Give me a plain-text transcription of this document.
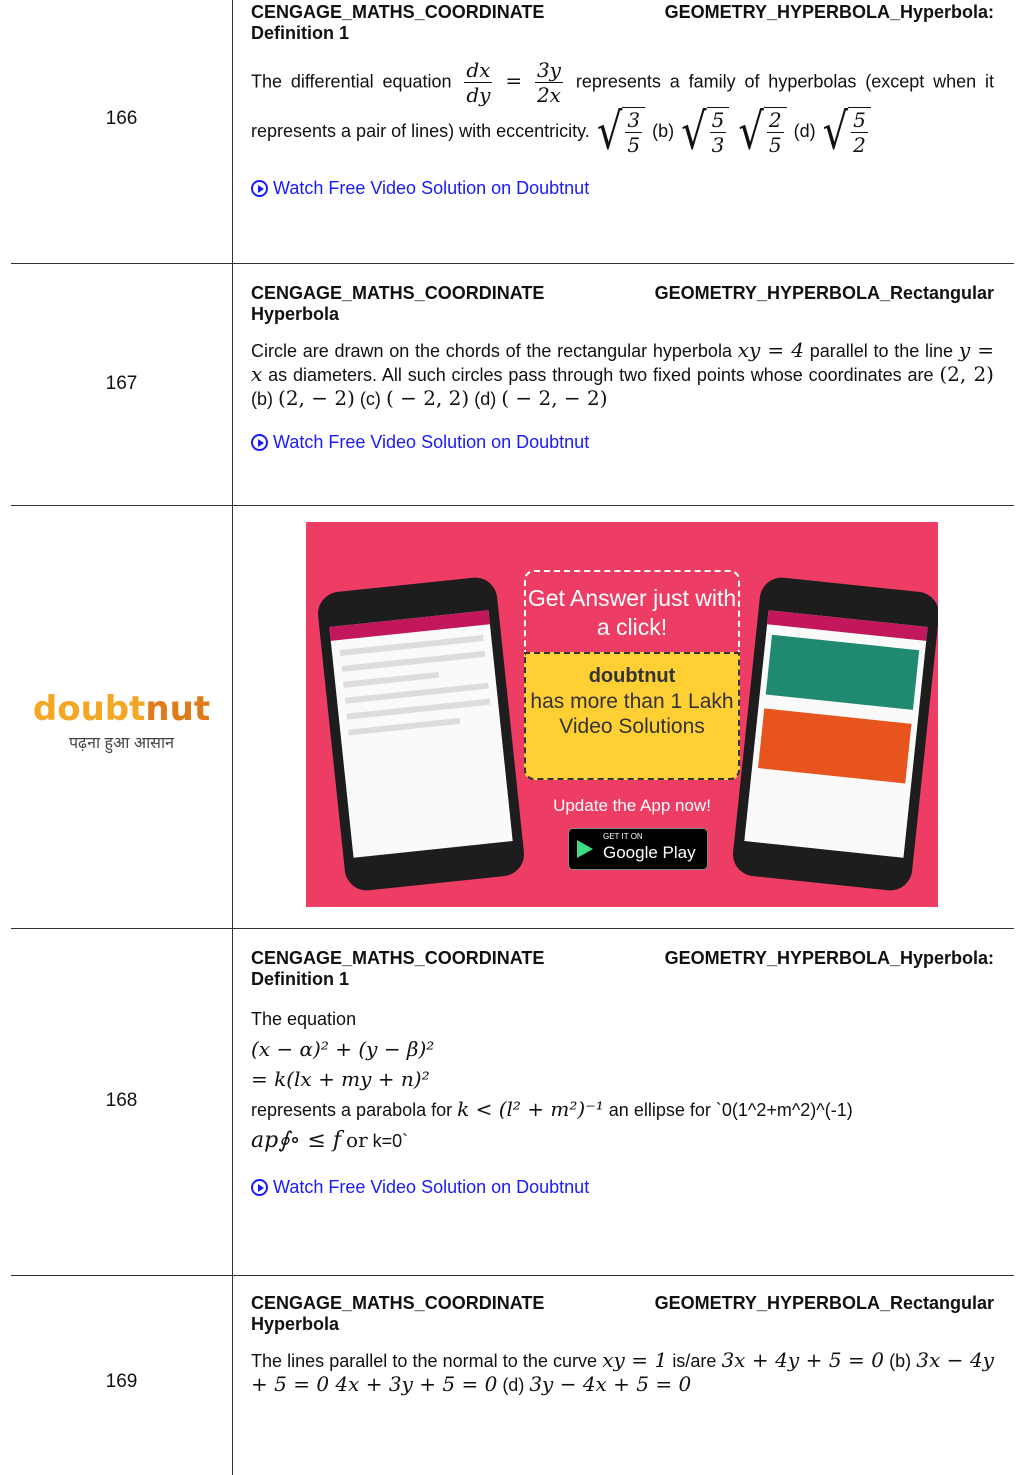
166
CENGAGE_MATHS_COORDINATE	GEOMETRY_HYPERBOLA_Hyperbola:
Definition 1
The differential equation $\frac{dx}{dy} = \frac{3y}{2x}$ represents a family of hyperbolas (except when it represents a pair of lines) with eccentricity. √ $\frac{3}{5} (b)$ √ $\frac{5}{3}$
√ $\frac{2}{5} (d)$ √ $\frac{5}{2}$
Watch Free Video Solution on Doubtnut
167
CENGAGE_MATHS_COORDINATE	GEOMETRY_HYPERBOLA_Rectangular
Hyperbola
Circle are drawn on the chords of the rectangular hyperbola xy = 4 parallel to the line y = x as diameters. All such circles pass through two fixed points whose coordinates are (2, 2) (b) (2, − 2) (c) ( − 2, 2) (d) ( − 2, − 2)
Watch Free Video Solution on Doubtnut
doubtnut
पढ़ना हुआ आसान
Get Answer just with a click!
doubtnut
has more than 1 Lakh Video Solutions
Update the App now!
GET IT ON
Google Play
168
CENGAGE_MATHS_COORDINATE	GEOMETRY_HYPERBOLA_Hyperbola:
Definition 1
The equation
(x − α)² + (y − β)²
= k(lx + my + n)²
represents a parabola for k < (l² + m²)⁻¹ an ellipse for `0(1^2+m^2)^(-1)
ap∮∘ ≤ f or k=0`
Watch Free Video Solution on Doubtnut
169
CENGAGE_MATHS_COORDINATE	GEOMETRY_HYPERBOLA_Rectangular
Hyperbola
The lines parallel to the normal to the curve xy = 1 is/are 3x + 4y + 5 = 0 (b) 3x − 4y + 5 = 0 4x + 3y + 5 = 0 (d) 3y − 4x + 5 = 0
